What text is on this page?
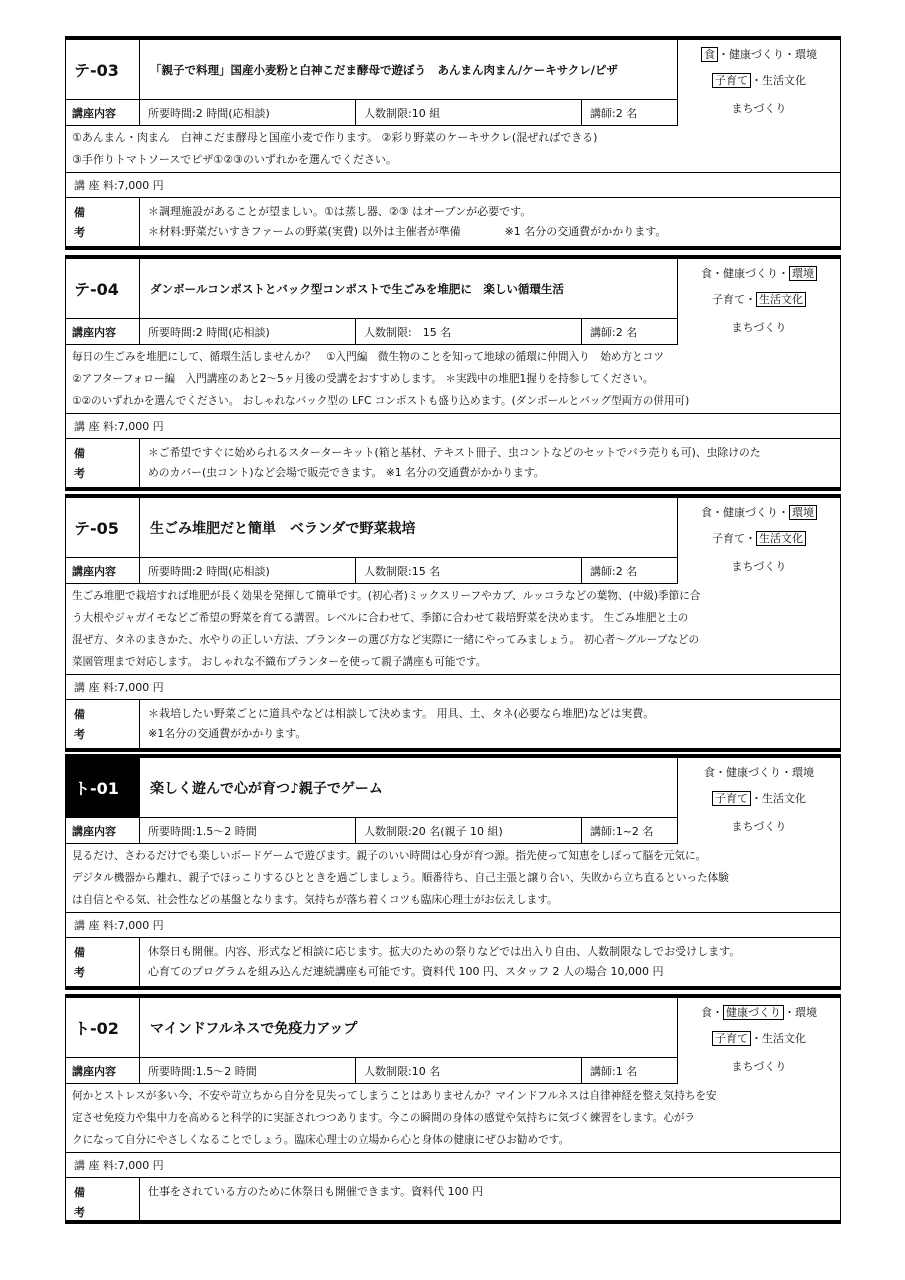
テ-03	「親子で料理」国産小麦粉と白神こだま酵母で遊ぼう　あんまん肉まん/ケーキサクレ/ピザ
食 ・健康づくり・環境
子育て ・生活文化
まちづくり
講座内容	所要時間:2 時間(応相談)	人数制限:10 組	講師:2 名
①あんまん・肉まん　白神こだま酵母と国産小麦で作ります。 ②彩り野菜のケーキサクレ(混ぜればできる)
③手作りトマトソースでピザ①②③のいずれかを選んでください。
講 座 料:7,000 円
備 考
＊調理施設があることが望ましい。①は蒸し器、②③ はオーブンが必要です。
＊材料:野菜だいすきファームの野菜(実費) 以外は主催者が準備　　　　※1 名分の交通費がかかります。
テ-04	ダンボールコンポストとバック型コンポストで生ごみを堆肥に　楽しい循環生活
食・健康づくり・ 環境
子育て・ 生活文化
まちづくり
講座内容	所要時間:2 時間(応相談)	人数制限:　15 名	講師:2 名
毎日の生ごみを堆肥にして、循環生活しませんか？　①入門編　微生物のことを知って地球の循環に仲間入り　始め方とコツ
②アフターフォロー編　入門講座のあと2～5ヶ月後の受講をおすすめします。 ＊実践中の堆肥1握りを持参してください。
①②のいずれかを選んでください。 おしゃれなバック型の LFC コンポストも盛り込めます。(ダンボールとバッグ型両方の併用可)
講 座 料:7,000 円
備 考
＊ご希望ですぐに始められるスターターキット(箱と基材、テキスト冊子、虫コントなどのセットでバラ売りも可)、虫除けのた
めのカバー(虫コント)など会場で販売できます。 ※1 名分の交通費がかかります。
テ-05	生ごみ堆肥だと簡単　ベランダで野菜栽培
食・健康づくり・ 環境
子育て・ 生活文化
まちづくり
講座内容	所要時間:2 時間(応相談)	人数制限:15 名	講師:2 名
生ごみ堆肥で栽培すれば堆肥が長く効果を発揮して簡単です。(初心者)ミックスリーフやカブ、ルッコラなどの葉物、(中級)季節に合
う大根やジャガイモなどご希望の野菜を育てる講習。レベルに合わせて、季節に合わせて栽培野菜を決めます。 生ごみ堆肥と土の
混ぜ方、タネのまきかた、水やりの正しい方法、プランターの選び方など実際に一緒にやってみましょう。 初心者～グループなどの
菜園管理まで対応します。 おしゃれな不織布プランターを使って親子講座も可能です。
講 座 料:7,000 円
備 考
＊栽培したい野菜ごとに道具やなどは相談して決めます。 用具、土、タネ(必要なら堆肥)などは実費。
※1名分の交通費がかかります。
ト-01	楽しく遊んで心が育つ♪親子でゲーム
食・健康づくり・環境
子育て ・生活文化
まちづくり
講座内容	所要時間:1.5～2 時間	人数制限:20 名(親子 10 組)	講師:1~2 名
見るだけ、さわるだけでも楽しいボードゲームで遊びます。親子のいい時間は心身が育つ源。指先使って知恵をしぼって脳を元気に。
デジタル機器から離れ、親子でほっこりするひとときを過ごしましょう。順番待ち、自己主張と譲り合い、失敗から立ち直るといった体験
は自信とやる気、社会性などの基盤となります。気持ちが落ち着くコツも臨床心理士がお伝えします。
講 座 料:7,000 円
備 考
休祭日も開催。内容、形式など相談に応じます。拡大のための祭りなどでは出入り自由、人数制限なしでお受けします。
心育てのプログラムを組み込んだ連続講座も可能です。資料代 100 円、スタッフ 2 人の場合 10,000 円
ト-02	マインドフルネスで免疫力アップ
食・ 健康づくり ・環境
子育て ・生活文化
まちづくり
講座内容	所要時間:1.5～2 時間	人数制限:10 名	講師:1 名
何かとストレスが多い今、不安や苛立ちから自分を見失ってしまうことはありませんか？マインドフルネスは自律神経を整え気持ちを安
定させ免疫力や集中力を高めると科学的に実証されつつあります。今この瞬間の身体の感覚や気持ちに気づく練習をします。心がラ
クになって自分にやさしくなることでしょう。臨床心理士の立場から心と身体の健康にぜひお勧めです。
講 座 料:7,000 円
備 考
仕事をされている方のために休祭日も開催できます。資料代 100 円
